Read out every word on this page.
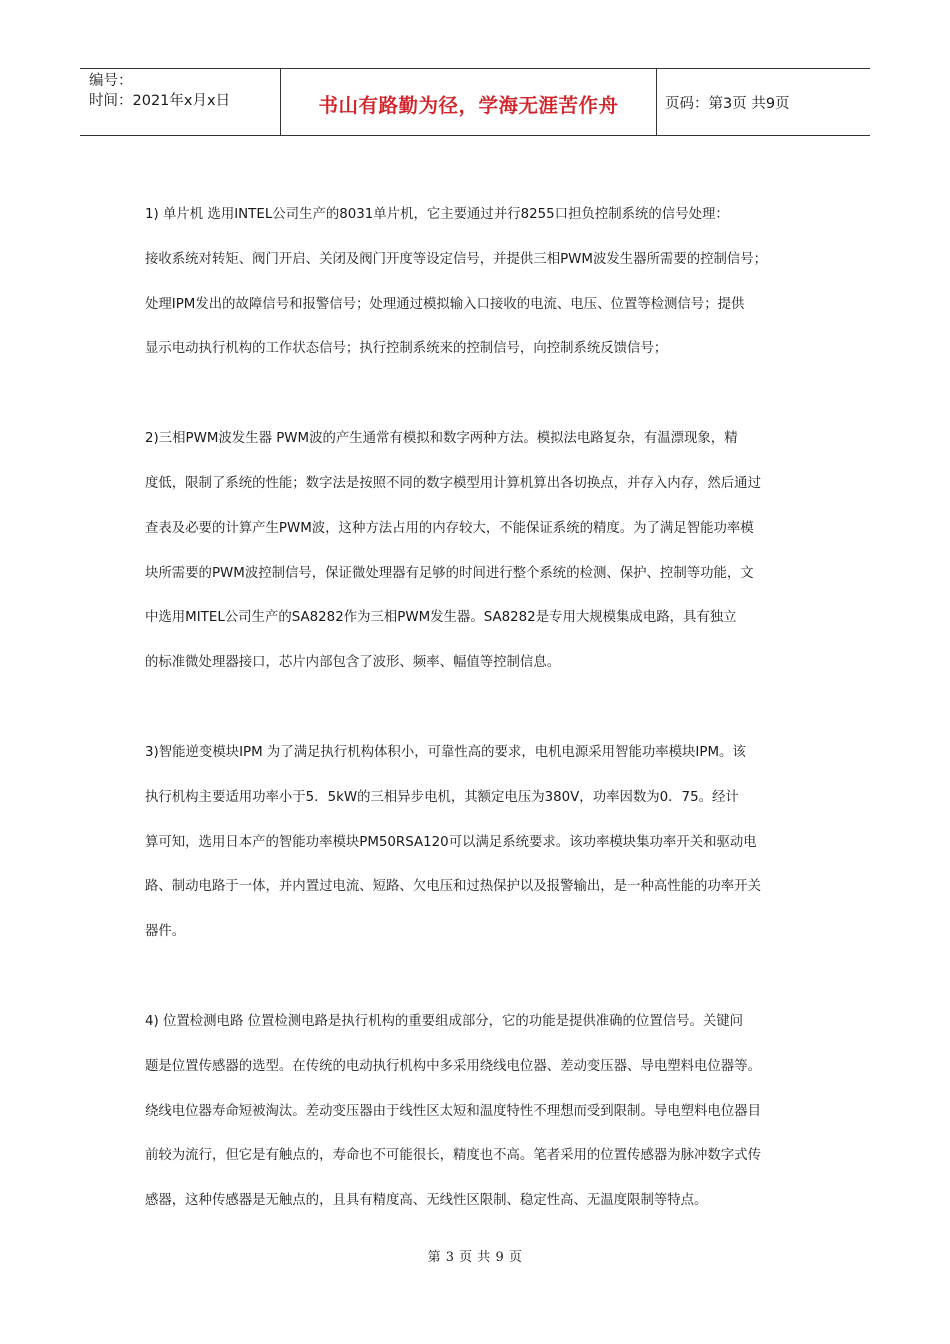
编号：
时间：2021年x月x日	书山有路勤为径，学海无涯苦作舟	页码：第3页 共9页
1) 单片机 选用INTEL公司生产的8031单片机，它主要通过并行8255口担负控制系统的信号处理：
接收系统对转矩、阀门开启、关闭及阀门开度等设定信号，并提供三相PWM波发生器所需要的控制信号；
处理IPM发出的故障信号和报警信号；处理通过模拟输入口接收的电流、电压、位置等检测信号；提供
显示电动执行机构的工作状态信号；执行控制系统来的控制信号，向控制系统反馈信号；
2)三相PWM波发生器 PWM波的产生通常有模拟和数字两种方法。模拟法电路复杂，有温漂现象，精
度低，限制了系统的性能；数字法是按照不同的数字模型用计算机算出各切换点，并存入内存，然后通过
查表及必要的计算产生PWM波，这种方法占用的内存较大，不能保证系统的精度。为了满足智能功率模
块所需要的PWM波控制信号，保证微处理器有足够的时间进行整个系统的检测、保护、控制等功能，文
中选用MITEL公司生产的SA8282作为三相PWM发生器。SA8282是专用大规模集成电路，具有独立
的标准微处理器接口，芯片内部包含了波形、频率、幅值等控制信息。
3)智能逆变模块IPM 为了满足执行机构体积小，可靠性高的要求，电机电源采用智能功率模块IPM。该
执行机构主要适用功率小于5．5kW的三相异步电机，其额定电压为380V，功率因数为0．75。经计
算可知，选用日本产的智能功率模块PM50RSA120可以满足系统要求。该功率模块集功率开关和驱动电
路、制动电路于一体，并内置过电流、短路、欠电压和过热保护以及报警输出，是一种高性能的功率开关
器件。
4) 位置检测电路 位置检测电路是执行机构的重要组成部分，它的功能是提供准确的位置信号。关键问
题是位置传感器的选型。在传统的电动执行机构中多采用绕线电位器、差动变压器、导电塑料电位器等。
绕线电位器寿命短被淘汰。差动变压器由于线性区太短和温度特性不理想而受到限制。导电塑料电位器目
前较为流行，但它是有触点的，寿命也不可能很长，精度也不高。笔者采用的位置传感器为脉冲数字式传
感器，这种传感器是无触点的，且具有精度高、无线性区限制、稳定性高、无温度限制等特点。
第 3 页 共 9 页
